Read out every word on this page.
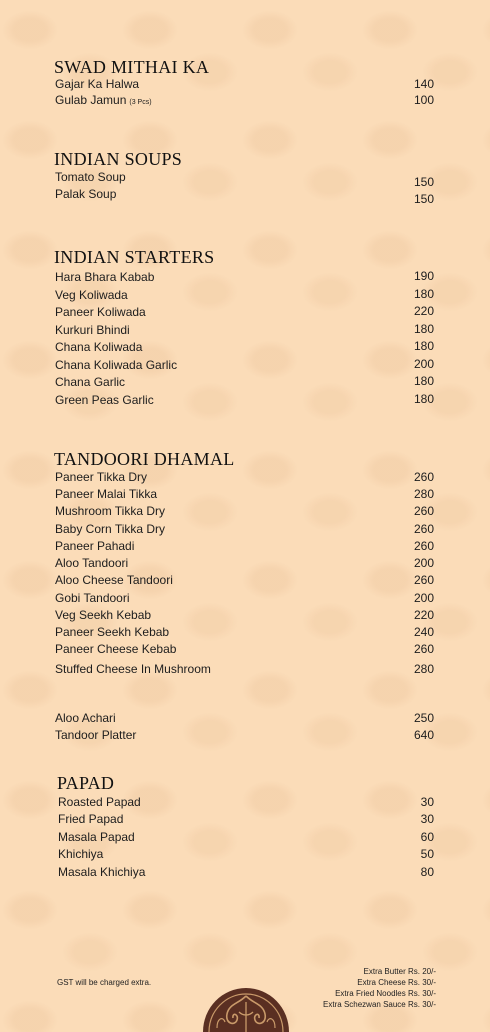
SWAD MITHAI KA
Gajar Ka Halwa	140
Gulab Jamun (3 Pcs)	100
INDIAN SOUPS
Tomato Soup	150
Palak Soup	150
INDIAN STARTERS
Hara Bhara Kabab	190
Veg Koliwada	180
Paneer Koliwada	220
Kurkuri Bhindi	180
Chana Koliwada	180
Chana Koliwada Garlic	200
Chana Garlic	180
Green Peas Garlic	180
TANDOORI DHAMAL
Paneer Tikka Dry	260
Paneer Malai Tikka	280
Mushroom Tikka Dry	260
Baby Corn Tikka Dry	260
Paneer Pahadi	260
Aloo Tandoori	200
Aloo Cheese Tandoori	260
Gobi Tandoori	200
Veg Seekh Kebab	220
Paneer Seekh Kebab	240
Paneer Cheese Kebab	260
Stuffed Cheese In Mushroom	280
Aloo Achari	250
Tandoor Platter	640
PAPAD
Roasted Papad	30
Fried Papad	30
Masala Papad	60
Khichiya	50
Masala Khichiya	80
GST will be charged extra.
Extra Butter Rs. 20/-
Extra Cheese Rs. 30/-
Extra Fried Noodles Rs. 30/-
Extra Schezwan Sauce Rs. 30/-
